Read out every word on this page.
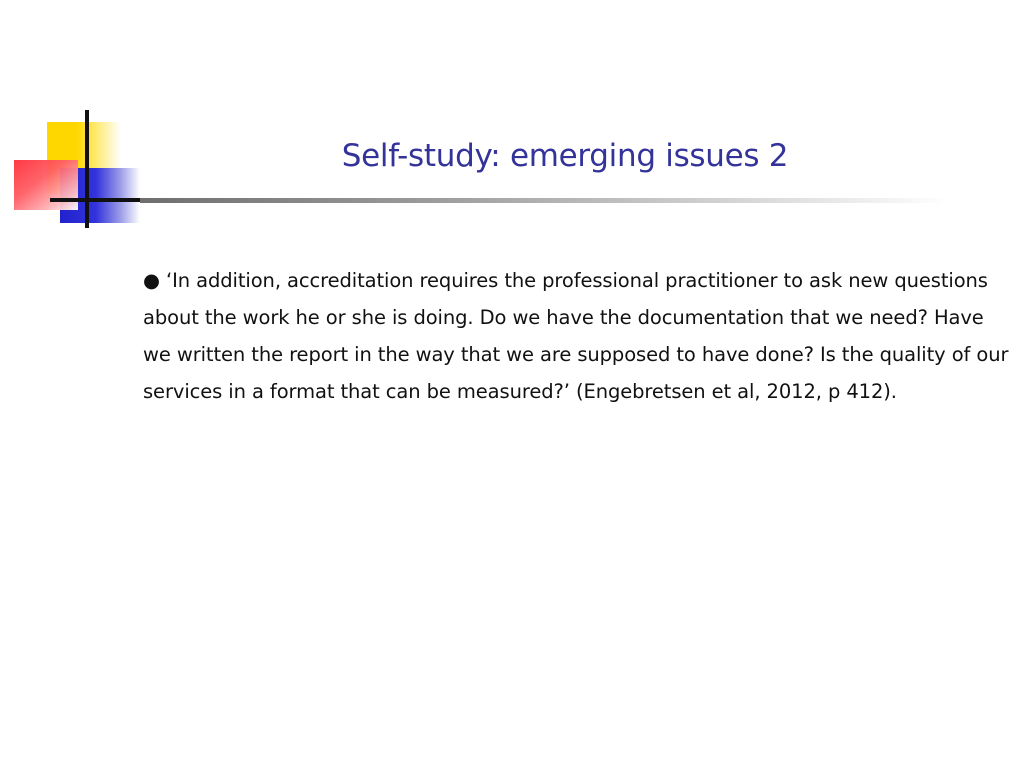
Self-study: emerging issues 2

● ‘In addition, accreditation requires the professional practitioner to ask new questions about the work he or she is doing. Do we have the documentation that we need? Have we written the report in the way that we are supposed to have done? Is the quality of our services in a format that can be measured?’ (Engebretsen et al, 2012, p 412).
